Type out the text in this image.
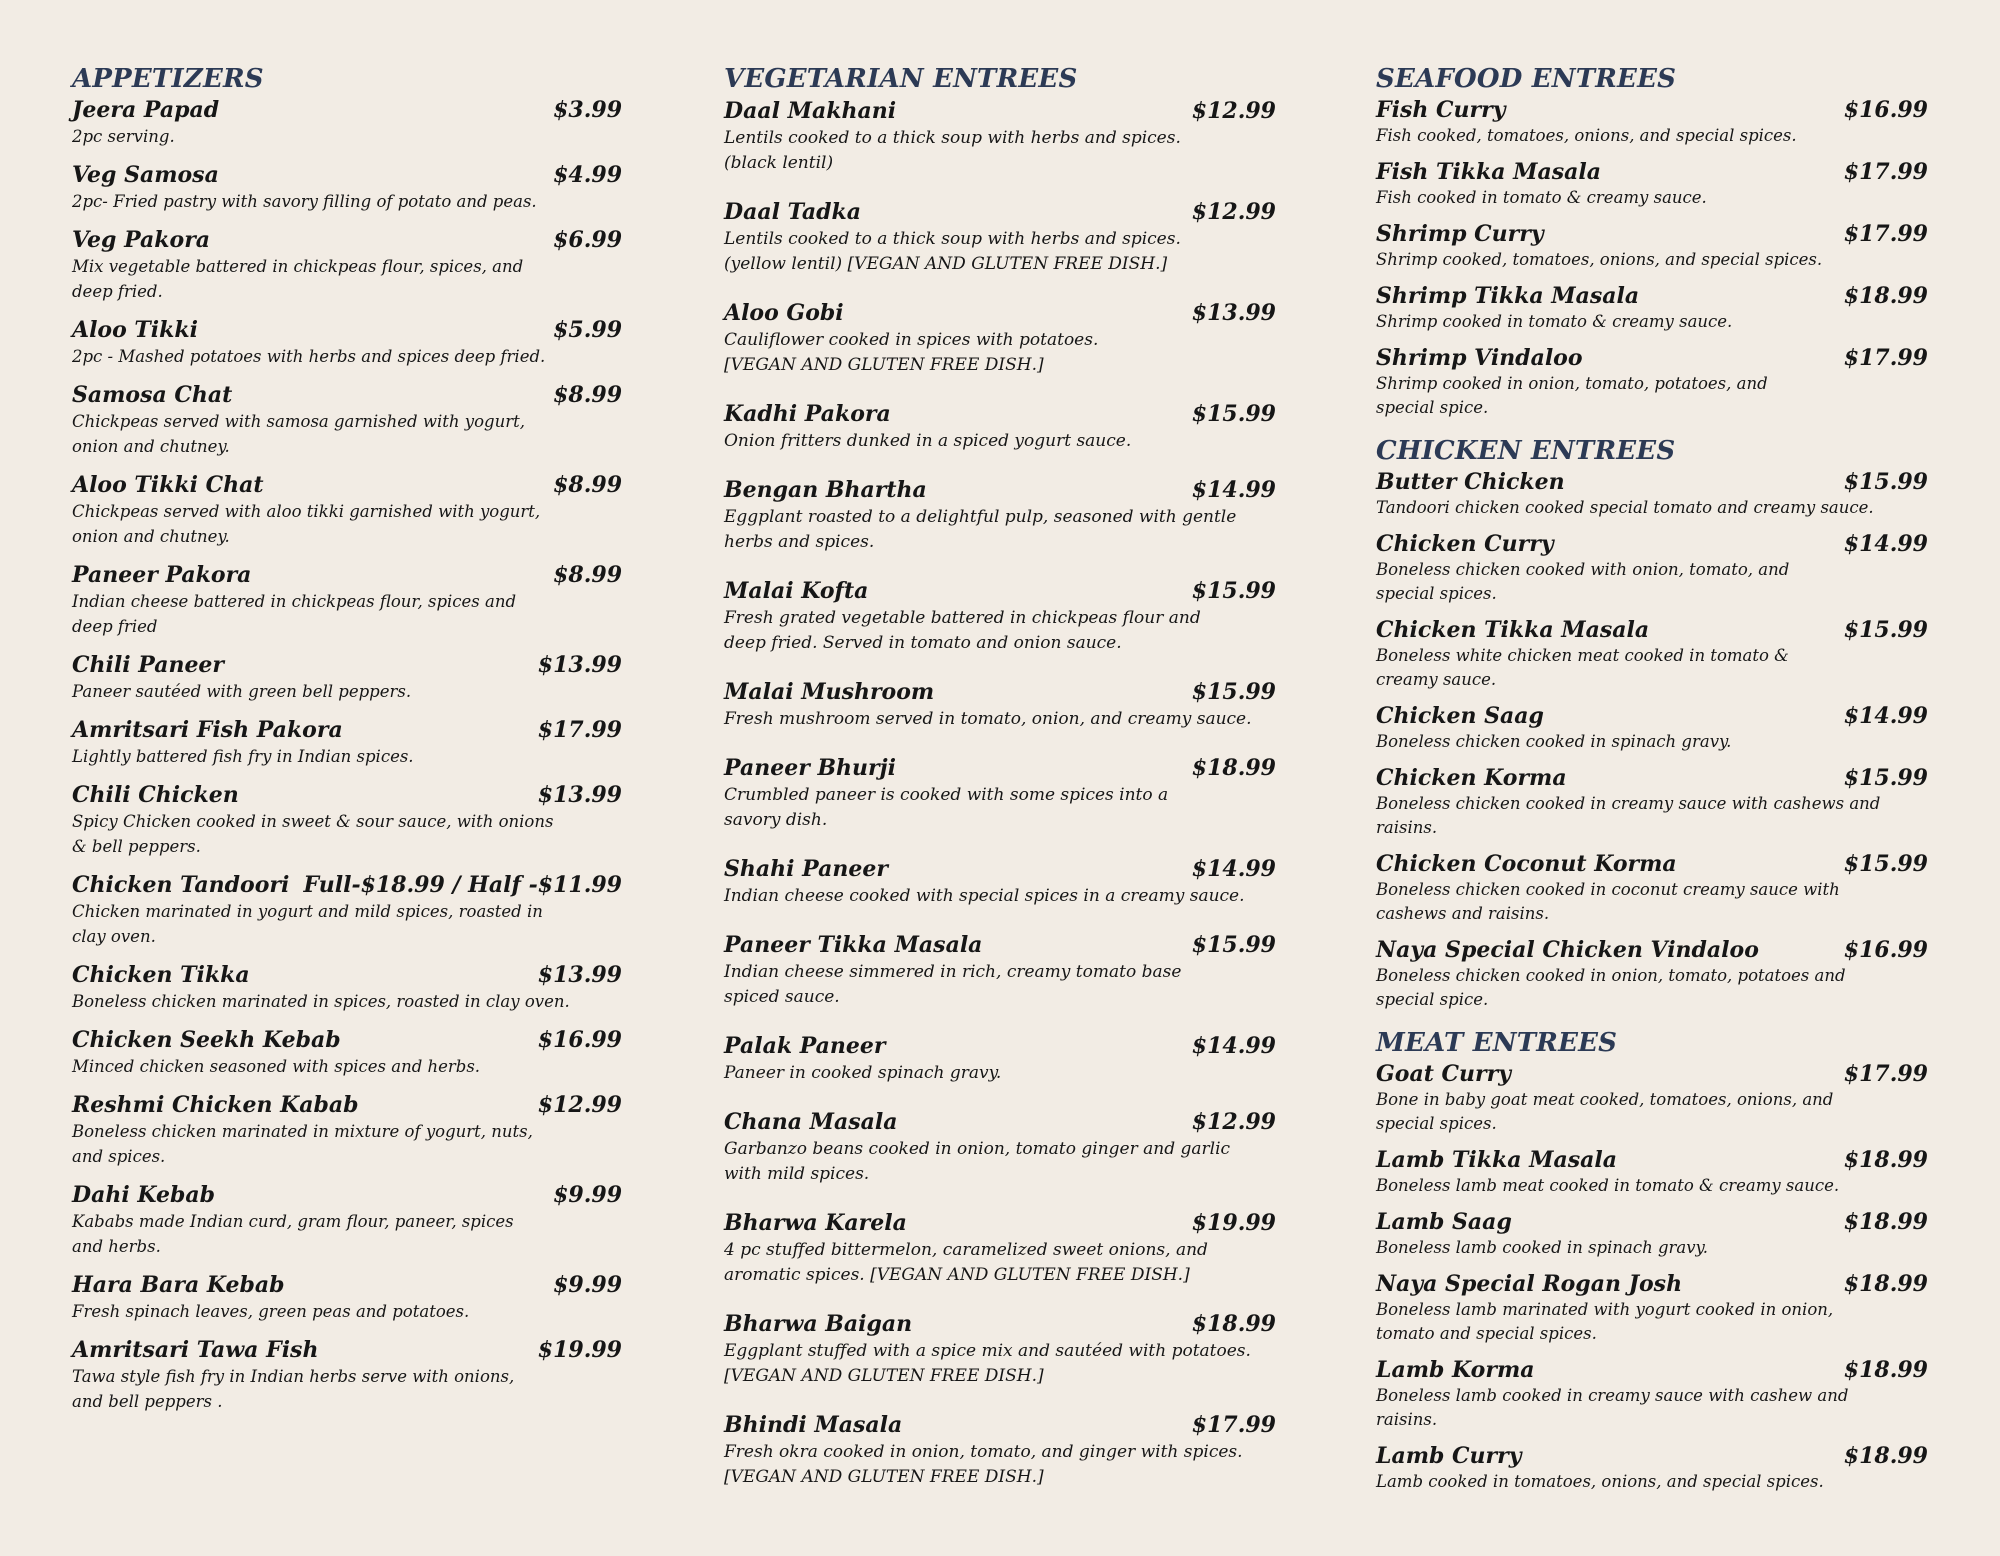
APPETIZERS
Jeera Papad	$3.99
2pc serving.
Veg Samosa	$4.99
2pc- Fried pastry with savory filling of potato and peas.
Veg Pakora	$6.99
Mix vegetable battered in chickpeas flour, spices, and
deep fried.
Aloo Tikki	$5.99
2pc - Mashed potatoes with herbs and spices deep fried.
Samosa Chat	$8.99
Chickpeas served with samosa garnished with yogurt,
onion and chutney.
Aloo Tikki Chat	$8.99
Chickpeas served with aloo tikki garnished with yogurt,
onion and chutney.
Paneer Pakora	$8.99
Indian cheese battered in chickpeas flour, spices and
deep fried
Chili Paneer	$13.99
Paneer sautéed with green bell peppers.
Amritsari Fish Pakora	$17.99
Lightly battered fish fry in Indian spices.
Chili Chicken	$13.99
Spicy Chicken cooked in sweet & sour sauce, with onions
& bell peppers.
Chicken Tandoori Full-$18.99 / Half -$11.99
Chicken marinated in yogurt and mild spices, roasted in
clay oven.
Chicken Tikka	$13.99
Boneless chicken marinated in spices, roasted in clay oven.
Chicken Seekh Kebab	$16.99
Minced chicken seasoned with spices and herbs.
Reshmi Chicken Kabab	$12.99
Boneless chicken marinated in mixture of yogurt, nuts,
and spices.
Dahi Kebab	$9.99
Kababs made Indian curd, gram flour, paneer, spices
and herbs.
Hara Bara Kebab	$9.99
Fresh spinach leaves, green peas and potatoes.
Amritsari Tawa Fish	$19.99
Tawa style fish fry in Indian herbs serve with onions,
and bell peppers .
VEGETARIAN ENTREES
Daal Makhani	$12.99
Lentils cooked to a thick soup with herbs and spices.
(black lentil)
Daal Tadka	$12.99
Lentils cooked to a thick soup with herbs and spices.
(yellow lentil) [VEGAN AND GLUTEN FREE DISH.]
Aloo Gobi	$13.99
Cauliflower cooked in spices with potatoes.
[VEGAN AND GLUTEN FREE DISH.]
Kadhi Pakora	$15.99
Onion fritters dunked in a spiced yogurt sauce.
Bengan Bhartha	$14.99
Eggplant roasted to a delightful pulp, seasoned with gentle
herbs and spices.
Malai Kofta	$15.99
Fresh grated vegetable battered in chickpeas flour and
deep fried. Served in tomato and onion sauce.
Malai Mushroom	$15.99
Fresh mushroom served in tomato, onion, and creamy sauce.
Paneer Bhurji	$18.99
Crumbled paneer is cooked with some spices into a
savory dish.
Shahi Paneer	$14.99
Indian cheese cooked with special spices in a creamy sauce.
Paneer Tikka Masala	$15.99
Indian cheese simmered in rich, creamy tomato base
spiced sauce.
Palak Paneer	$14.99
Paneer in cooked spinach gravy.
Chana Masala	$12.99
Garbanzo beans cooked in onion, tomato ginger and garlic
with mild spices.
Bharwa Karela	$19.99
4 pc stuffed bittermelon, caramelized sweet onions, and
aromatic spices. [VEGAN AND GLUTEN FREE DISH.]
Bharwa Baigan	$18.99
Eggplant stuffed with a spice mix and sautéed with potatoes.
[VEGAN AND GLUTEN FREE DISH.]
Bhindi Masala	$17.99
Fresh okra cooked in onion, tomato, and ginger with spices.
[VEGAN AND GLUTEN FREE DISH.]
SEAFOOD ENTREES
Fish Curry	$16.99
Fish cooked, tomatoes, onions, and special spices.
Fish Tikka Masala	$17.99
Fish cooked in tomato & creamy sauce.
Shrimp Curry	$17.99
Shrimp cooked, tomatoes, onions, and special spices.
Shrimp Tikka Masala	$18.99
Shrimp cooked in tomato & creamy sauce.
Shrimp Vindaloo	$17.99
Shrimp cooked in onion, tomato, potatoes, and
special spice.
CHICKEN ENTREES
Butter Chicken	$15.99
Tandoori chicken cooked special tomato and creamy sauce.
Chicken Curry	$14.99
Boneless chicken cooked with onion, tomato, and
special spices.
Chicken Tikka Masala	$15.99
Boneless white chicken meat cooked in tomato &
creamy sauce.
Chicken Saag	$14.99
Boneless chicken cooked in spinach gravy.
Chicken Korma	$15.99
Boneless chicken cooked in creamy sauce with cashews and
raisins.
Chicken Coconut Korma	$15.99
Boneless chicken cooked in coconut creamy sauce with
cashews and raisins.
Naya Special Chicken Vindaloo	$16.99
Boneless chicken cooked in onion, tomato, potatoes and
special spice.
MEAT ENTREES
Goat Curry	$17.99
Bone in baby goat meat cooked, tomatoes, onions, and
special spices.
Lamb Tikka Masala	$18.99
Boneless lamb meat cooked in tomato & creamy sauce.
Lamb Saag	$18.99
Boneless lamb cooked in spinach gravy.
Naya Special Rogan Josh	$18.99
Boneless lamb marinated with yogurt cooked in onion,
tomato and special spices.
Lamb Korma	$18.99
Boneless lamb cooked in creamy sauce with cashew and
raisins.
Lamb Curry	$18.99
Lamb cooked in tomatoes, onions, and special spices.
